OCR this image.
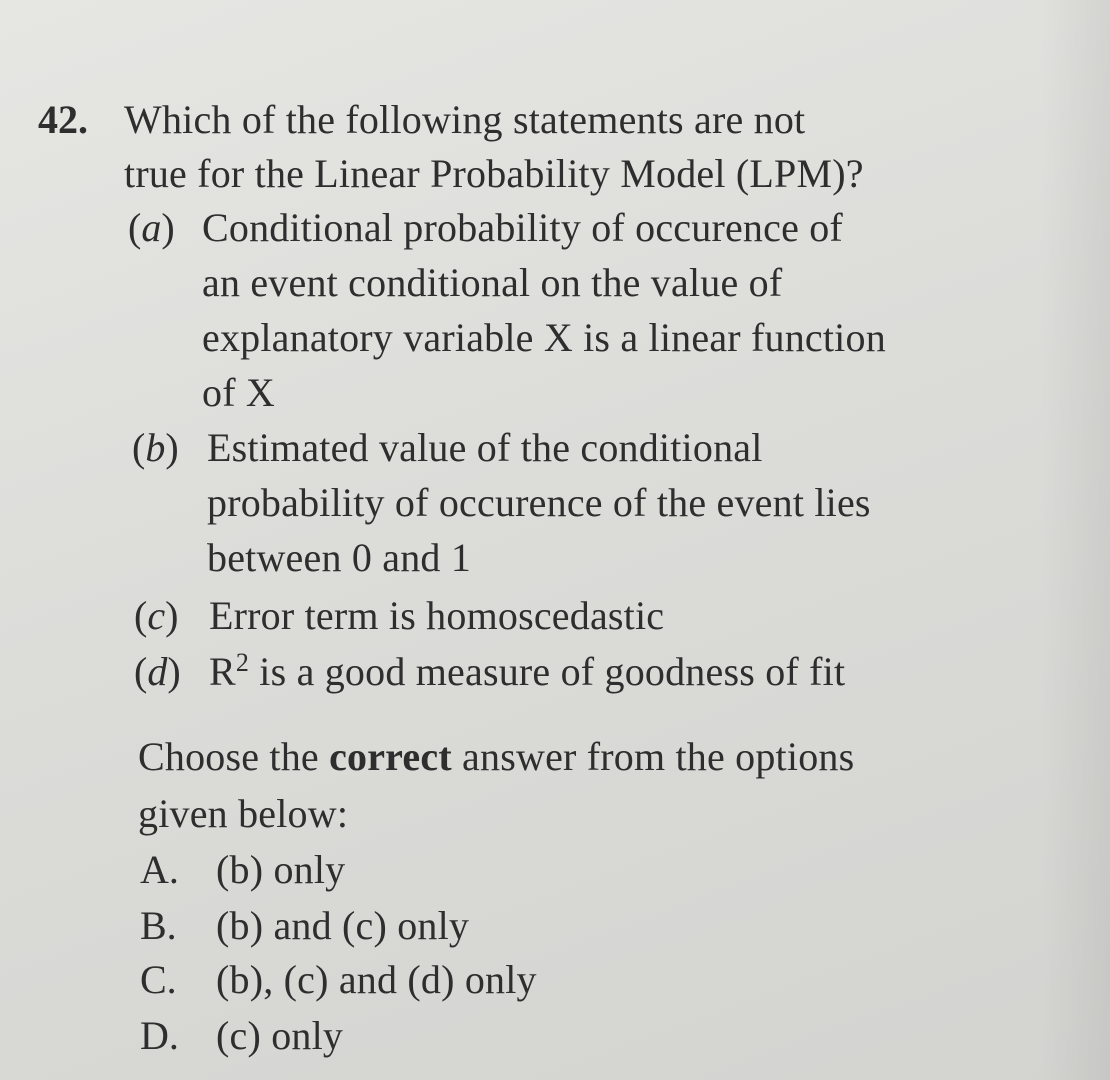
42. Which of the following statements are not
true for the Linear Probability Model (LPM)?
(a) Conditional probability of occurence of
an event conditional on the value of
explanatory variable X is a linear function
of X
(b) Estimated value of the conditional
probability of occurence of the event lies
between 0 and 1
(c) Error term is homoscedastic
(d) $R^2$ is a good measure of goodness of fit
Choose the correct answer from the options
given below:
A. (b) only
B. (b) and (c) only
C. (b), (c) and (d) only
D. (c) only
